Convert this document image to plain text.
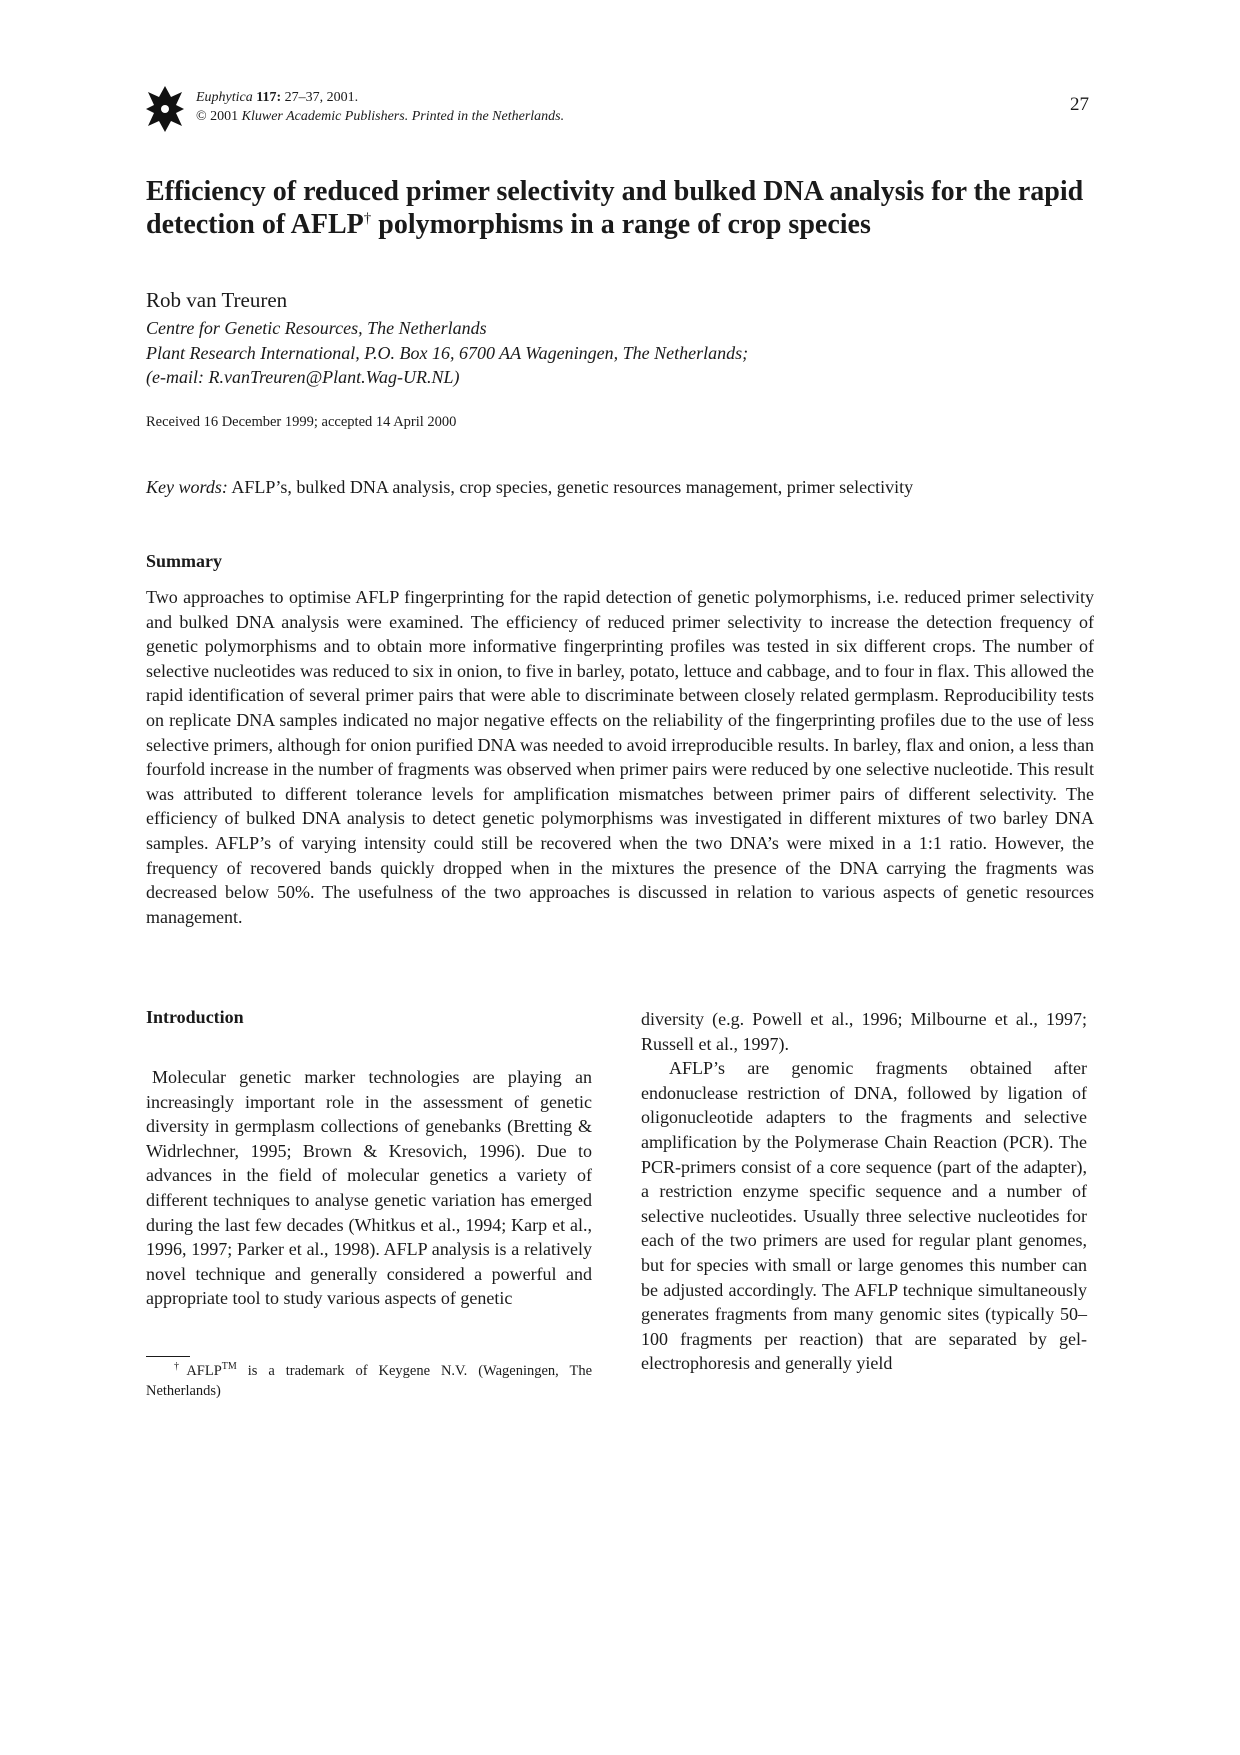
Euphytica 117: 27–37, 2001.
© 2001 Kluwer Academic Publishers. Printed in the Netherlands.
27
Efficiency of reduced primer selectivity and bulked DNA analysis for the rapid detection of AFLP† polymorphisms in a range of crop species
Rob van Treuren
Centre for Genetic Resources, The Netherlands
Plant Research International, P.O. Box 16, 6700 AA Wageningen, The Netherlands;
(e-mail: R.vanTreuren@Plant.Wag-UR.NL)
Received 16 December 1999; accepted 14 April 2000
Key words: AFLP’s, bulked DNA analysis, crop species, genetic resources management, primer selectivity
Summary

Two approaches to optimise AFLP fingerprinting for the rapid detection of genetic polymorphisms, i.e. reduced primer selectivity and bulked DNA analysis were examined. The efficiency of reduced primer selectivity to increase the detection frequency of genetic polymorphisms and to obtain more informative fingerprinting profiles was tested in six different crops. The number of selective nucleotides was reduced to six in onion, to five in barley, potato, lettuce and cabbage, and to four in flax. This allowed the rapid identification of several primer pairs that were able to discriminate between closely related germplasm. Reproducibility tests on replicate DNA samples indicated no major negative effects on the reliability of the fingerprinting profiles due to the use of less selective primers, although for onion purified DNA was needed to avoid irreproducible results. In barley, flax and onion, a less than fourfold increase in the number of fragments was observed when primer pairs were reduced by one selective nucleotide. This result was attributed to different tolerance levels for amplification mismatches between primer pairs of different selectivity. The efficiency of bulked DNA analysis to detect genetic polymorphisms was investigated in different mixtures of two barley DNA samples. AFLP’s of varying intensity could still be recovered when the two DNA’s were mixed in a 1:1 ratio. However, the frequency of recovered bands quickly dropped when in the mixtures the presence of the DNA carrying the fragments was decreased below 50%. The usefulness of the two approaches is discussed in relation to various aspects of genetic resources management.

Introduction

Molecular genetic marker technologies are playing an increasingly important role in the assessment of genetic diversity in germplasm collections of genebanks (Bretting & Widrlechner, 1995; Brown & Kresovich, 1996). Due to advances in the field of molecular genetics a variety of different techniques to analyse genetic variation has emerged during the last few decades (Whitkus et al., 1994; Karp et al., 1996, 1997; Parker et al., 1998). AFLP analysis is a relatively novel technique and generally considered a powerful and appropriate tool to study various aspects of genetic

diversity (e.g. Powell et al., 1996; Milbourne et al., 1997; Russell et al., 1997).

AFLP’s are genomic fragments obtained after endonuclease restriction of DNA, followed by ligation of oligonucleotide adapters to the fragments and selective amplification by the Polymerase Chain Reaction (PCR). The PCR-primers consist of a core sequence (part of the adapter), a restriction enzyme specific sequence and a number of selective nucleotides. Usually three selective nucleotides for each of the two primers are used for regular plant genomes, but for species with small or large genomes this number can be adjusted accordingly. The AFLP technique simultaneously generates fragments from many genomic sites (typically 50–100 fragments per reaction) that are separated by gel-electrophoresis and generally yield

†AFLP™ is a trademark of Keygene N.V. (Wageningen, The Netherlands)
